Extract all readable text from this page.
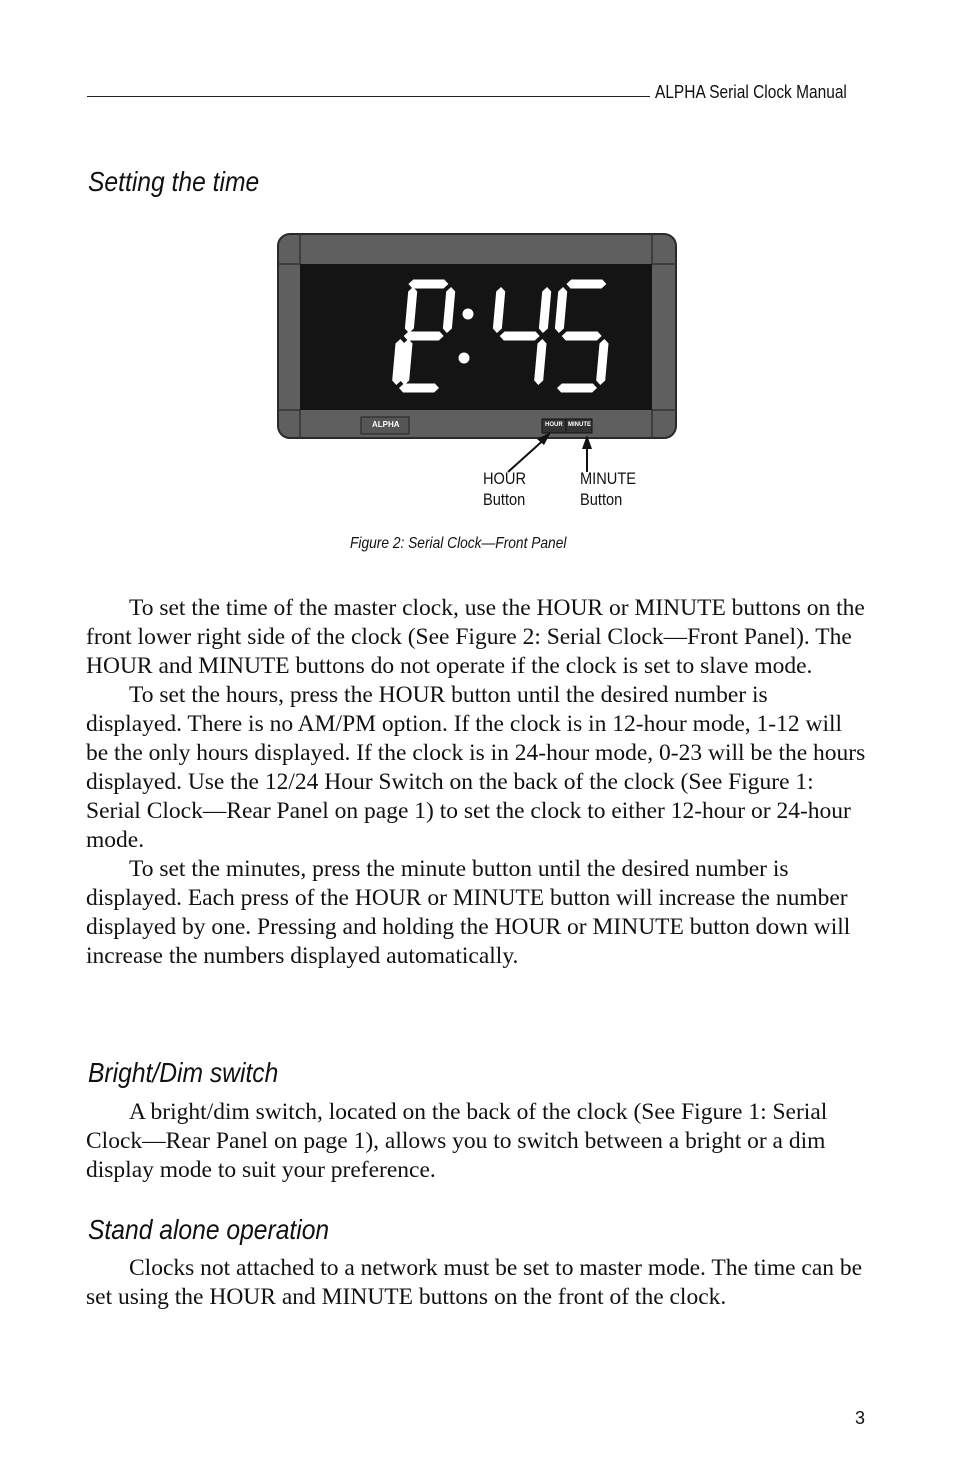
ALPHA Serial Clock Manual
Setting the time
ALPHA	HOUR MINUTE
HOUR
Button
MINUTE
Button
Figure 2: Serial Clock—Front Panel

To set the time of the master clock, use the HOUR or MINUTE buttons on the front lower right side of the clock (See Figure 2: Serial Clock—Front Panel). The HOUR and MINUTE buttons do not operate if the clock is set to slave mode.

To set the hours, press the HOUR button until the desired number is displayed. There is no AM/PM option. If the clock is in 12-hour mode, 1-12 will be the only hours displayed. If the clock is in 24-hour mode, 0-23 will be the hours displayed. Use the 12/24 Hour Switch on the back of the clock (See Figure 1: Serial Clock—Rear Panel on page 1) to set the clock to either 12-hour or 24-hour mode.

To set the minutes, press the minute button until the desired number is displayed. Each press of the HOUR or MINUTE button will increase the number displayed by one. Pressing and holding the HOUR or MINUTE button down will increase the numbers displayed automatically.

Bright/Dim switch

A bright/dim switch, located on the back of the clock (See Figure 1: Serial Clock—Rear Panel on page 1), allows you to switch between a bright or a dim display mode to suit your preference.

Stand alone operation

Clocks not attached to a network must be set to master mode. The time can be set using the HOUR and MINUTE buttons on the front of the clock.

3
